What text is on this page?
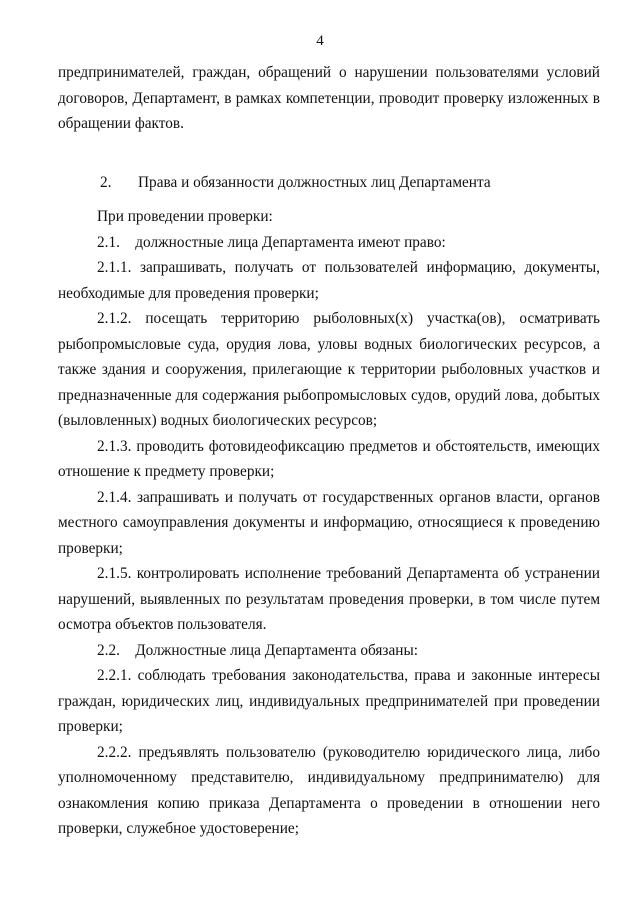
4

предпринимателей, граждан, обращений о нарушении пользователями условий договоров, Департамент, в рамках компетенции, проводит проверку изложенных в обращении фактов.

2. Права и обязанности должностных лиц Департамента

При проведении проверки:

2.1.    должностные лица Департамента имеют право:

2.1.1. запрашивать, получать от пользователей информацию, документы, необходимые для проведения проверки;

2.1.2. посещать территорию рыболовных(х) участка(ов), осматривать рыбопромысловые суда, орудия лова, уловы водных биологических ресурсов, а также здания и сооружения, прилегающие к территории рыболовных участков и предназначенные для содержания рыбопромысловых судов, орудий лова, добытых (выловленных) водных биологических ресурсов;

2.1.3. проводить фотовидеофиксацию предметов и обстоятельств, имеющих отношение к предмету проверки;

2.1.4. запрашивать и получать от государственных органов власти, органов местного самоуправления документы и информацию, относящиеся к проведению проверки;

2.1.5. контролировать исполнение требований Департамента об устранении нарушений, выявленных по результатам проведения проверки, в том числе путем осмотра объектов пользователя.

2.2.    Должностные лица Департамента обязаны:

2.2.1. соблюдать требования законодательства, права и законные интересы граждан, юридических лиц, индивидуальных предпринимателей при проведении проверки;

2.2.2. предъявлять пользователю (руководителю юридического лица, либо уполномоченному представителю, индивидуальному предпринимателю) для ознакомления копию приказа Департамента о проведении в отношении него проверки, служебное удостоверение;
